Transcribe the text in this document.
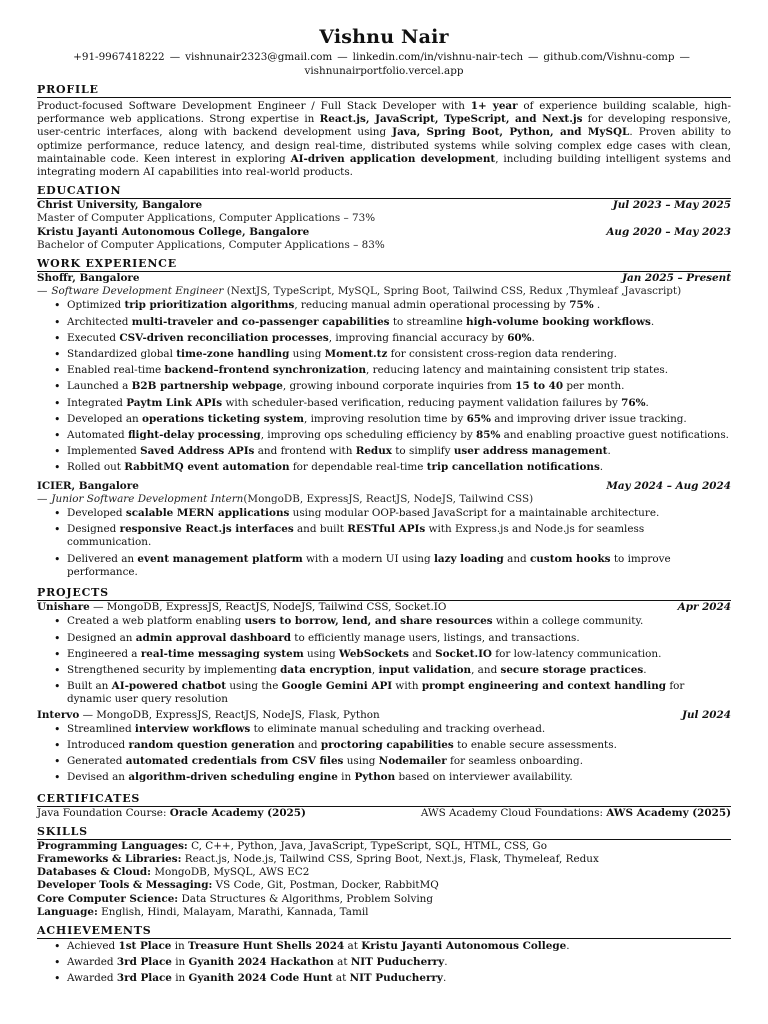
Vishnu Nair
+91-9967418222 — vishnunair2323@gmail.com — linkedin.com/in/vishnu-nair-tech — github.com/Vishnu-comp —
vishnunairportfolio.vercel.app
PROFILE
Product-focused Software Development Engineer / Full Stack Developer with 1+ year of experience building scalable, high-performance web applications. Strong expertise in React.js, JavaScript, TypeScript, and Next.js for developing responsive, user-centric interfaces, along with backend development using Java, Spring Boot, Python, and MySQL. Proven ability to optimize performance, reduce latency, and design real-time, distributed systems while solving complex edge cases with clean, maintainable code. Keen interest in exploring AI-driven application development, including building intelligent systems and integrating modern AI capabilities into real-world products.
EDUCATION
Christ University, Bangalore	Jul 2023 – May 2025
Master of Computer Applications, Computer Applications – 73%
Kristu Jayanti Autonomous College, Bangalore	Aug 2020 – May 2023
Bachelor of Computer Applications, Computer Applications – 83%
WORK EXPERIENCE
Shoffr, Bangalore	Jan 2025 – Present
— Software Development Engineer (NextJS, TypeScript, MySQL, Spring Boot, Tailwind CSS, Redux ,Thymleaf ,Javascript)
• Optimized trip prioritization algorithms, reducing manual admin operational processing by 75% .
• Architected multi-traveler and co-passenger capabilities to streamline high-volume booking workflows.
• Executed CSV-driven reconciliation processes, improving financial accuracy by 60%.
• Standardized global time-zone handling using Moment.tz for consistent cross-region data rendering.
• Enabled real-time backend–frontend synchronization, reducing latency and maintaining consistent trip states.
• Launched a B2B partnership webpage, growing inbound corporate inquiries from 15 to 40 per month.
• Integrated Paytm Link APIs with scheduler-based verification, reducing payment validation failures by 76%.
• Developed an operations ticketing system, improving resolution time by 65% and improving driver issue tracking.
• Automated flight-delay processing, improving ops scheduling efficiency by 85% and enabling proactive guest notifications.
• Implemented Saved Address APIs and frontend with Redux to simplify user address management.
• Rolled out RabbitMQ event automation for dependable real-time trip cancellation notifications.
ICIER, Bangalore	May 2024 – Aug 2024
— Junior Software Development Intern(MongoDB, ExpressJS, ReactJS, NodeJS, Tailwind CSS)
• Developed scalable MERN applications using modular OOP-based JavaScript for a maintainable architecture.
• Designed responsive React.js interfaces and built RESTful APIs with Express.js and Node.js for seamless communication.
• Delivered an event management platform with a modern UI using lazy loading and custom hooks to improve performance.
PROJECTS
Unishare — MongoDB, ExpressJS, ReactJS, NodeJS, Tailwind CSS, Socket.IO	Apr 2024
• Created a web platform enabling users to borrow, lend, and share resources within a college community.
• Designed an admin approval dashboard to efficiently manage users, listings, and transactions.
• Engineered a real-time messaging system using WebSockets and Socket.IO for low-latency communication.
• Strengthened security by implementing data encryption, input validation, and secure storage practices.
• Built an AI-powered chatbot using the Google Gemini API with prompt engineering and context handling for dynamic user query resolution
Intervo — MongoDB, ExpressJS, ReactJS, NodeJS, Flask, Python	Jul 2024
• Streamlined interview workflows to eliminate manual scheduling and tracking overhead.
• Introduced random question generation and proctoring capabilities to enable secure assessments.
• Generated automated credentials from CSV files using Nodemailer for seamless onboarding.
• Devised an algorithm-driven scheduling engine in Python based on interviewer availability.
CERTIFICATES
Java Foundation Course: Oracle Academy (2025)	AWS Academy Cloud Foundations: AWS Academy (2025)
SKILLS
Programming Languages: C, C++, Python, Java, JavaScript, TypeScript, SQL, HTML, CSS, Go
Frameworks & Libraries: React.js, Node.js, Tailwind CSS, Spring Boot, Next.js, Flask, Thymeleaf, Redux
Databases & Cloud: MongoDB, MySQL, AWS EC2
Developer Tools & Messaging: VS Code, Git, Postman, Docker, RabbitMQ
Core Computer Science: Data Structures & Algorithms, Problem Solving
Language: English, Hindi, Malayam, Marathi, Kannada, Tamil
ACHIEVEMENTS
• Achieved 1st Place in Treasure Hunt Shells 2024 at Kristu Jayanti Autonomous College.
• Awarded 3rd Place in Gyanith 2024 Hackathon at NIT Puducherry.
• Awarded 3rd Place in Gyanith 2024 Code Hunt at NIT Puducherry.
